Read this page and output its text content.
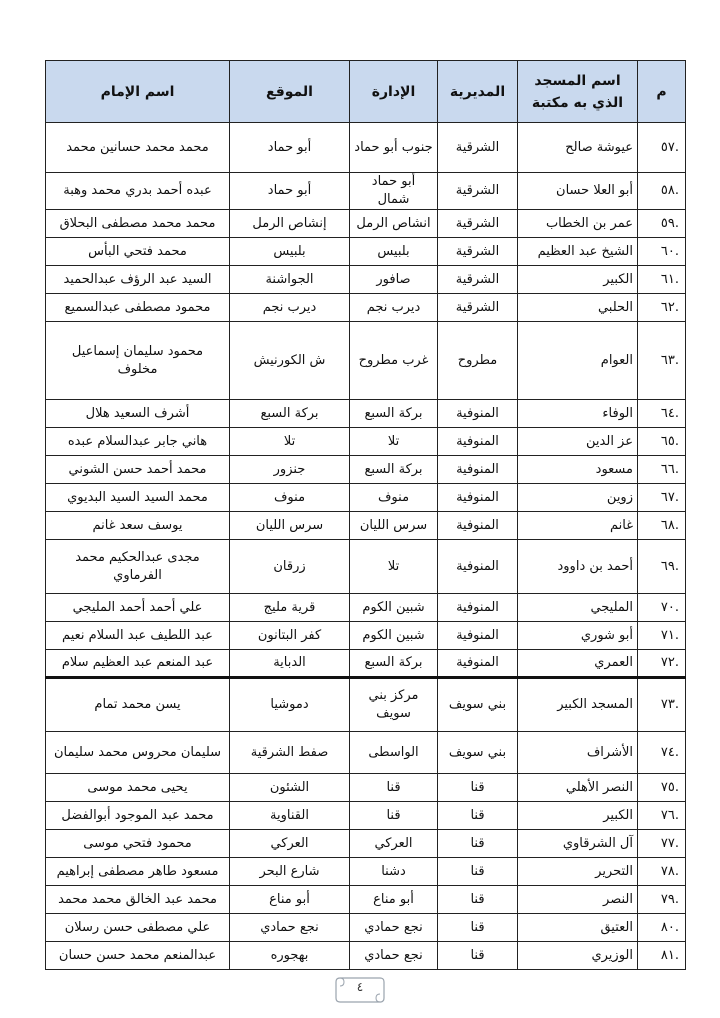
م	اسم المسجد الذي به مكتبة	المديرية	الإدارة	الموقع	اسم الإمام
.٥٧	عيوشة صالح	الشرقية	جنوب أبو حماد	أبو حماد	محمد محمد حسانين محمد
.٥٨	أبو العلا حسان	الشرقية	أبو حماد شمال	أبو حماد	عبده أحمد بدري محمد وهبة
.٥٩	عمر بن الخطاب	الشرقية	انشاص الرمل	إنشاص الرمل	محمد محمد مصطفى البحلاق
.٦٠	الشيخ عبد العظيم	الشرقية	بلبيس	بلبيس	محمد فتحي البأس
.٦١	الكبير	الشرقية	صافور	الجواشنة	السيد عبد الرؤف عبدالحميد
.٦٢	الحلبي	الشرقية	ديرب نجم	ديرب نجم	محمود مصطفى عبدالسميع
.٦٣	العوام	مطروح	غرب مطروح	ش الكورنيش	محمود سليمان إسماعيل مخلوف
.٦٤	الوفاء	المنوفية	بركة السبع	بركة السبع	أشرف السعيد هلال
.٦٥	عز الدين	المنوفية	تلا	تلا	هاني جابر عبدالسلام عبده
.٦٦	مسعود	المنوفية	بركة السبع	جنزور	محمد أحمد حسن الشوني
.٦٧	زوين	المنوفية	منوف	منوف	محمد السيد السيد البديوي
.٦٨	غانم	المنوفية	سرس الليان	سرس الليان	يوسف سعد غانم
.٦٩	أحمد بن داوود	المنوفية	تلا	زرقان	مجدى عبدالحكيم محمد الفرماوي
.٧٠	المليجي	المنوفية	شبين الكوم	قرية مليج	علي أحمد أحمد المليجي
.٧١	أبو شوري	المنوفية	شبين الكوم	كفر البتانون	عبد اللطيف عبد السلام نعيم
.٧٢	العمري	المنوفية	بركة السبع	الدباية	عبد المنعم عبد العظيم سلام
.٧٣	المسجد الكبير	بني سويف	مركز بني سويف	دموشيا	يسن محمد تمام
.٧٤	الأشراف	بني سويف	الواسطى	صفط الشرقية	سليمان محروس محمد سليمان
.٧٥	النصر الأهلي	قنا	قنا	الشئون	يحيى محمد موسى
.٧٦	الكبير	قنا	قنا	القناوية	محمد عبد الموجود أبوالفضل
.٧٧	آل الشرقاوي	قنا	العركي	العركي	محمود فتحي موسى
.٧٨	التحرير	قنا	دشنا	شارع البحر	مسعود طاهر مصطفى إبراهيم
.٧٩	النصر	قنا	أبو مناع	أبو مناع	محمد عبد الخالق محمد محمد
.٨٠	العتيق	قنا	نجع حمادي	نجع حمادي	علي مصطفى حسن رسلان
.٨١	الوزيري	قنا	نجع حمادي	بهجوره	عبدالمنعم محمد حسن حسان
٤
